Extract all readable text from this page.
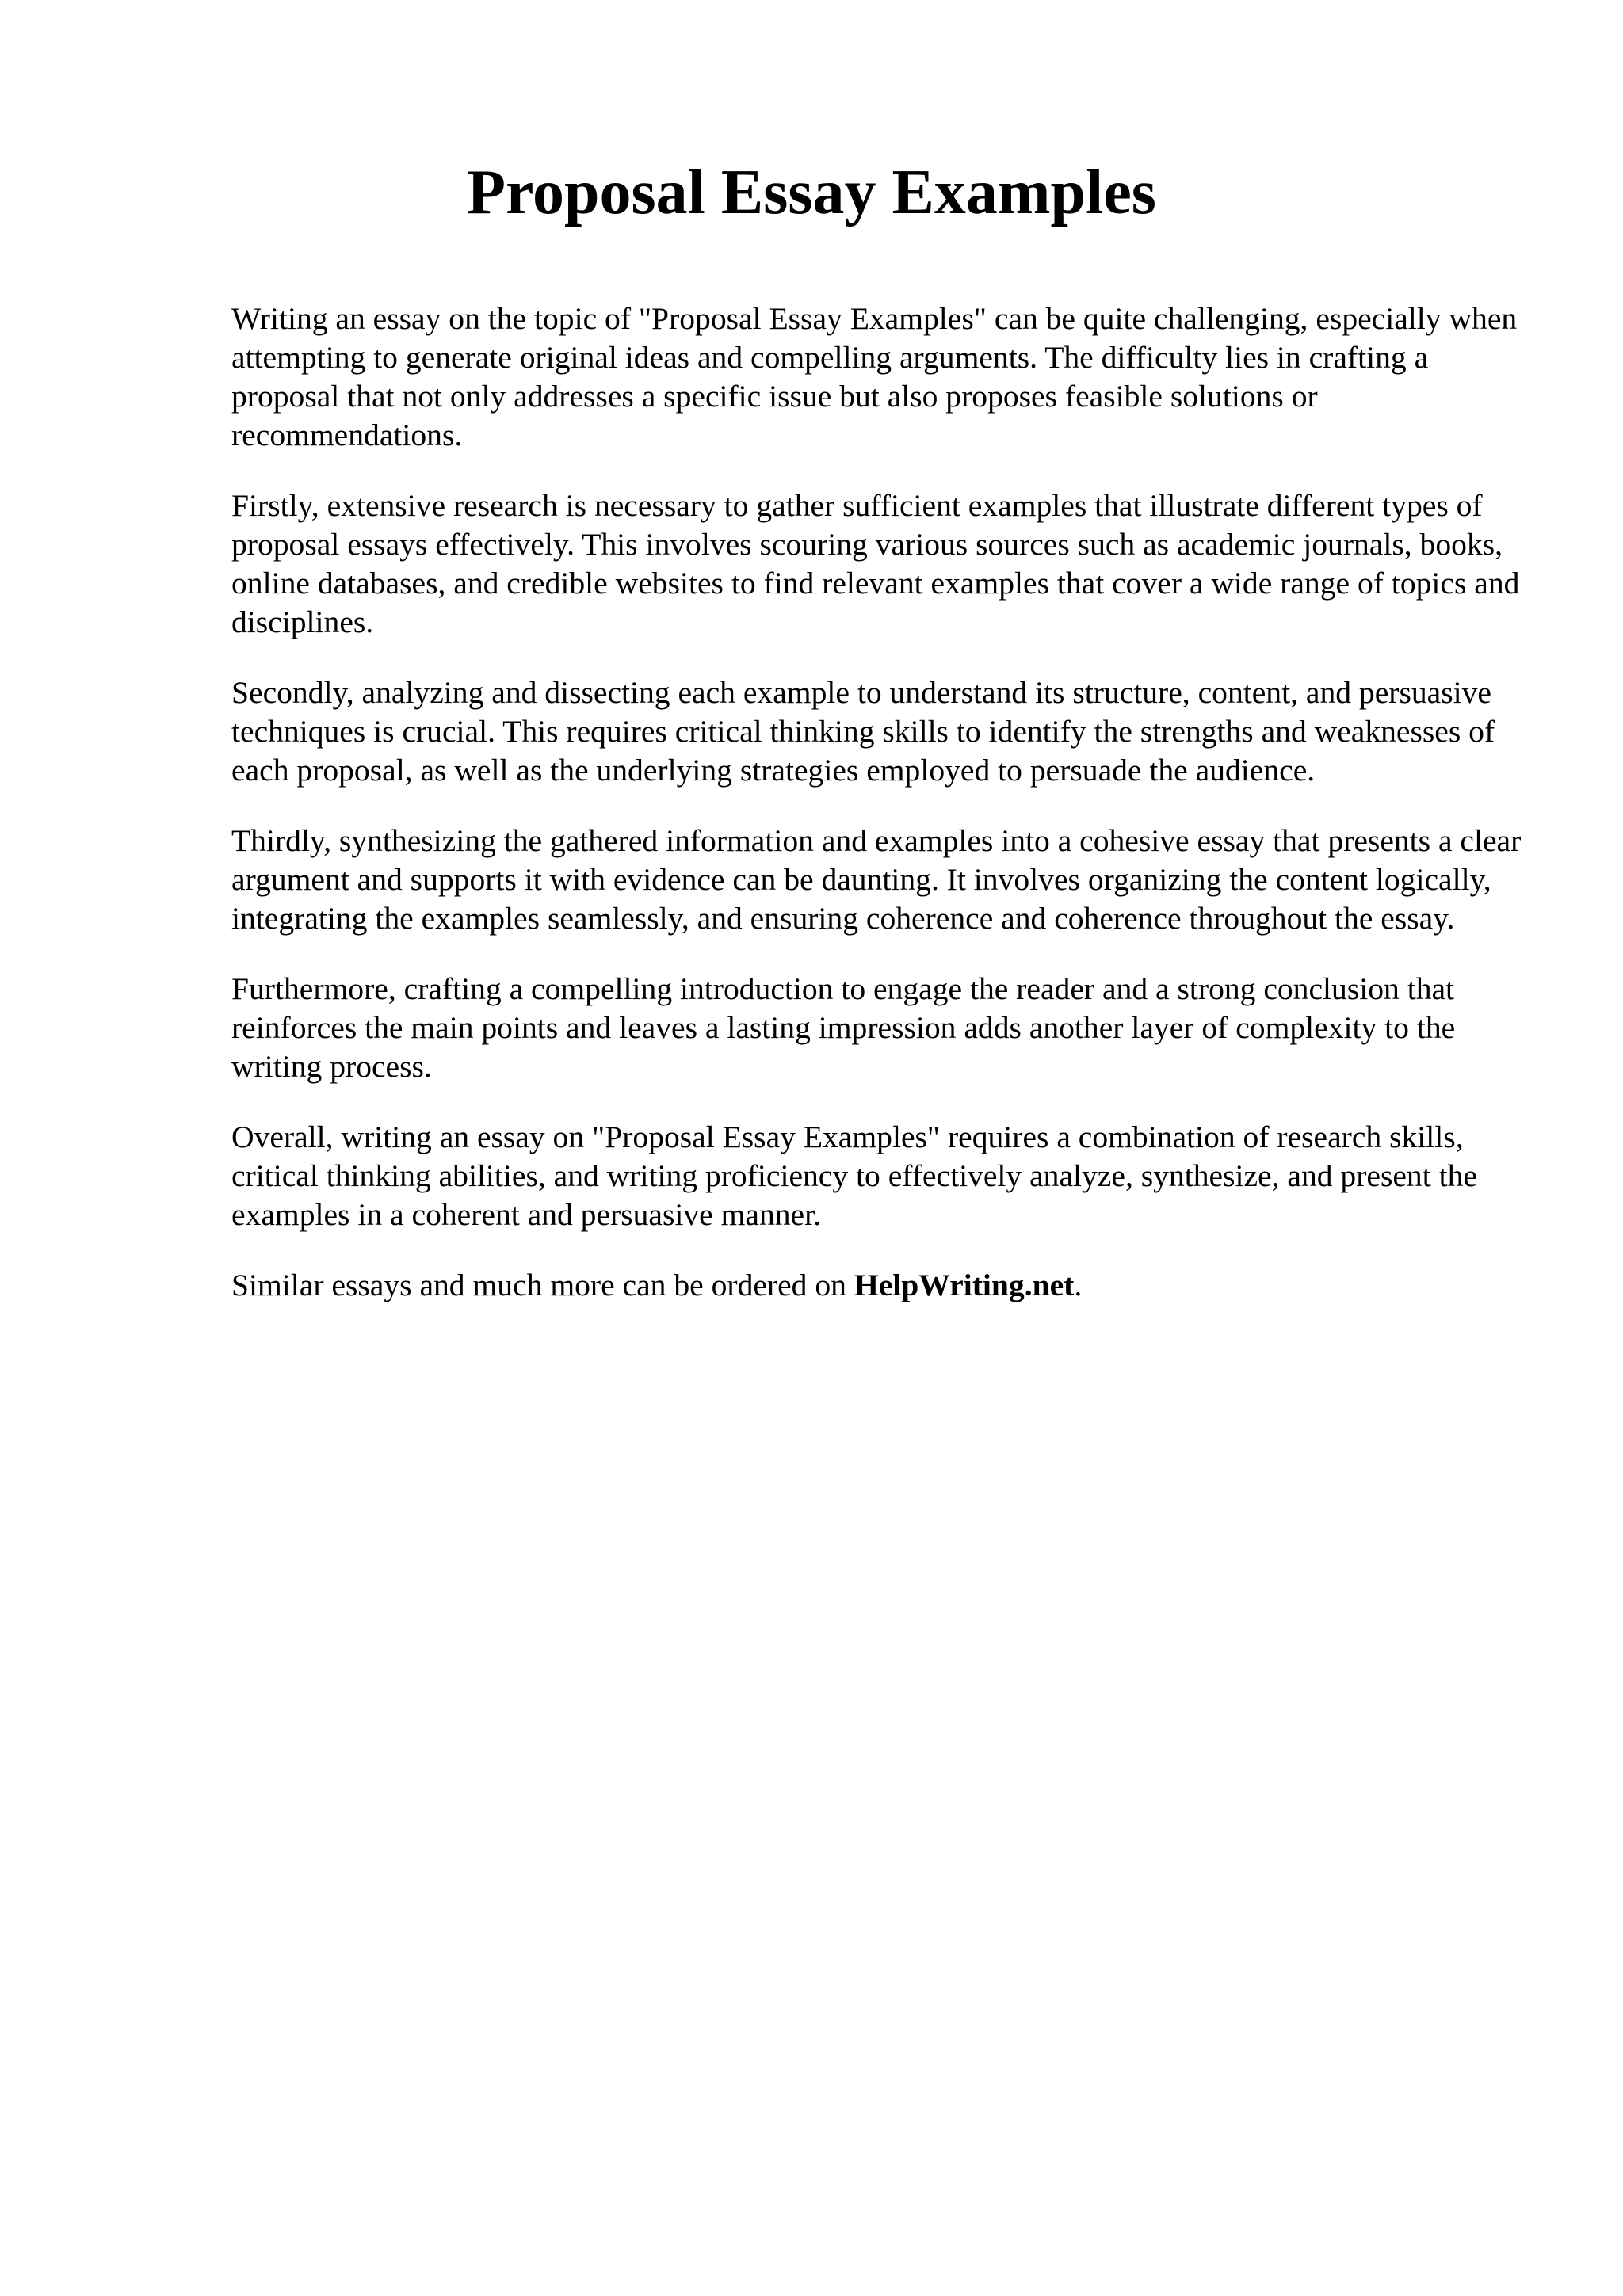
Proposal Essay Examples

Writing an essay on the topic of "Proposal Essay Examples" can be quite challenging, especially when attempting to generate original ideas and compelling arguments. The difficulty lies in crafting a proposal that not only addresses a specific issue but also proposes feasible solutions or recommendations.

Firstly, extensive research is necessary to gather sufficient examples that illustrate different types of proposal essays effectively. This involves scouring various sources such as academic journals, books, online databases, and credible websites to find relevant examples that cover a wide range of topics and disciplines.

Secondly, analyzing and dissecting each example to understand its structure, content, and persuasive techniques is crucial. This requires critical thinking skills to identify the strengths and weaknesses of each proposal, as well as the underlying strategies employed to persuade the audience.

Thirdly, synthesizing the gathered information and examples into a cohesive essay that presents a clear argument and supports it with evidence can be daunting. It involves organizing the content logically, integrating the examples seamlessly, and ensuring coherence and coherence throughout the essay.

Furthermore, crafting a compelling introduction to engage the reader and a strong conclusion that reinforces the main points and leaves a lasting impression adds another layer of complexity to the writing process.

Overall, writing an essay on "Proposal Essay Examples" requires a combination of research skills, critical thinking abilities, and writing proficiency to effectively analyze, synthesize, and present the examples in a coherent and persuasive manner.

Similar essays and much more can be ordered on HelpWriting.net.
